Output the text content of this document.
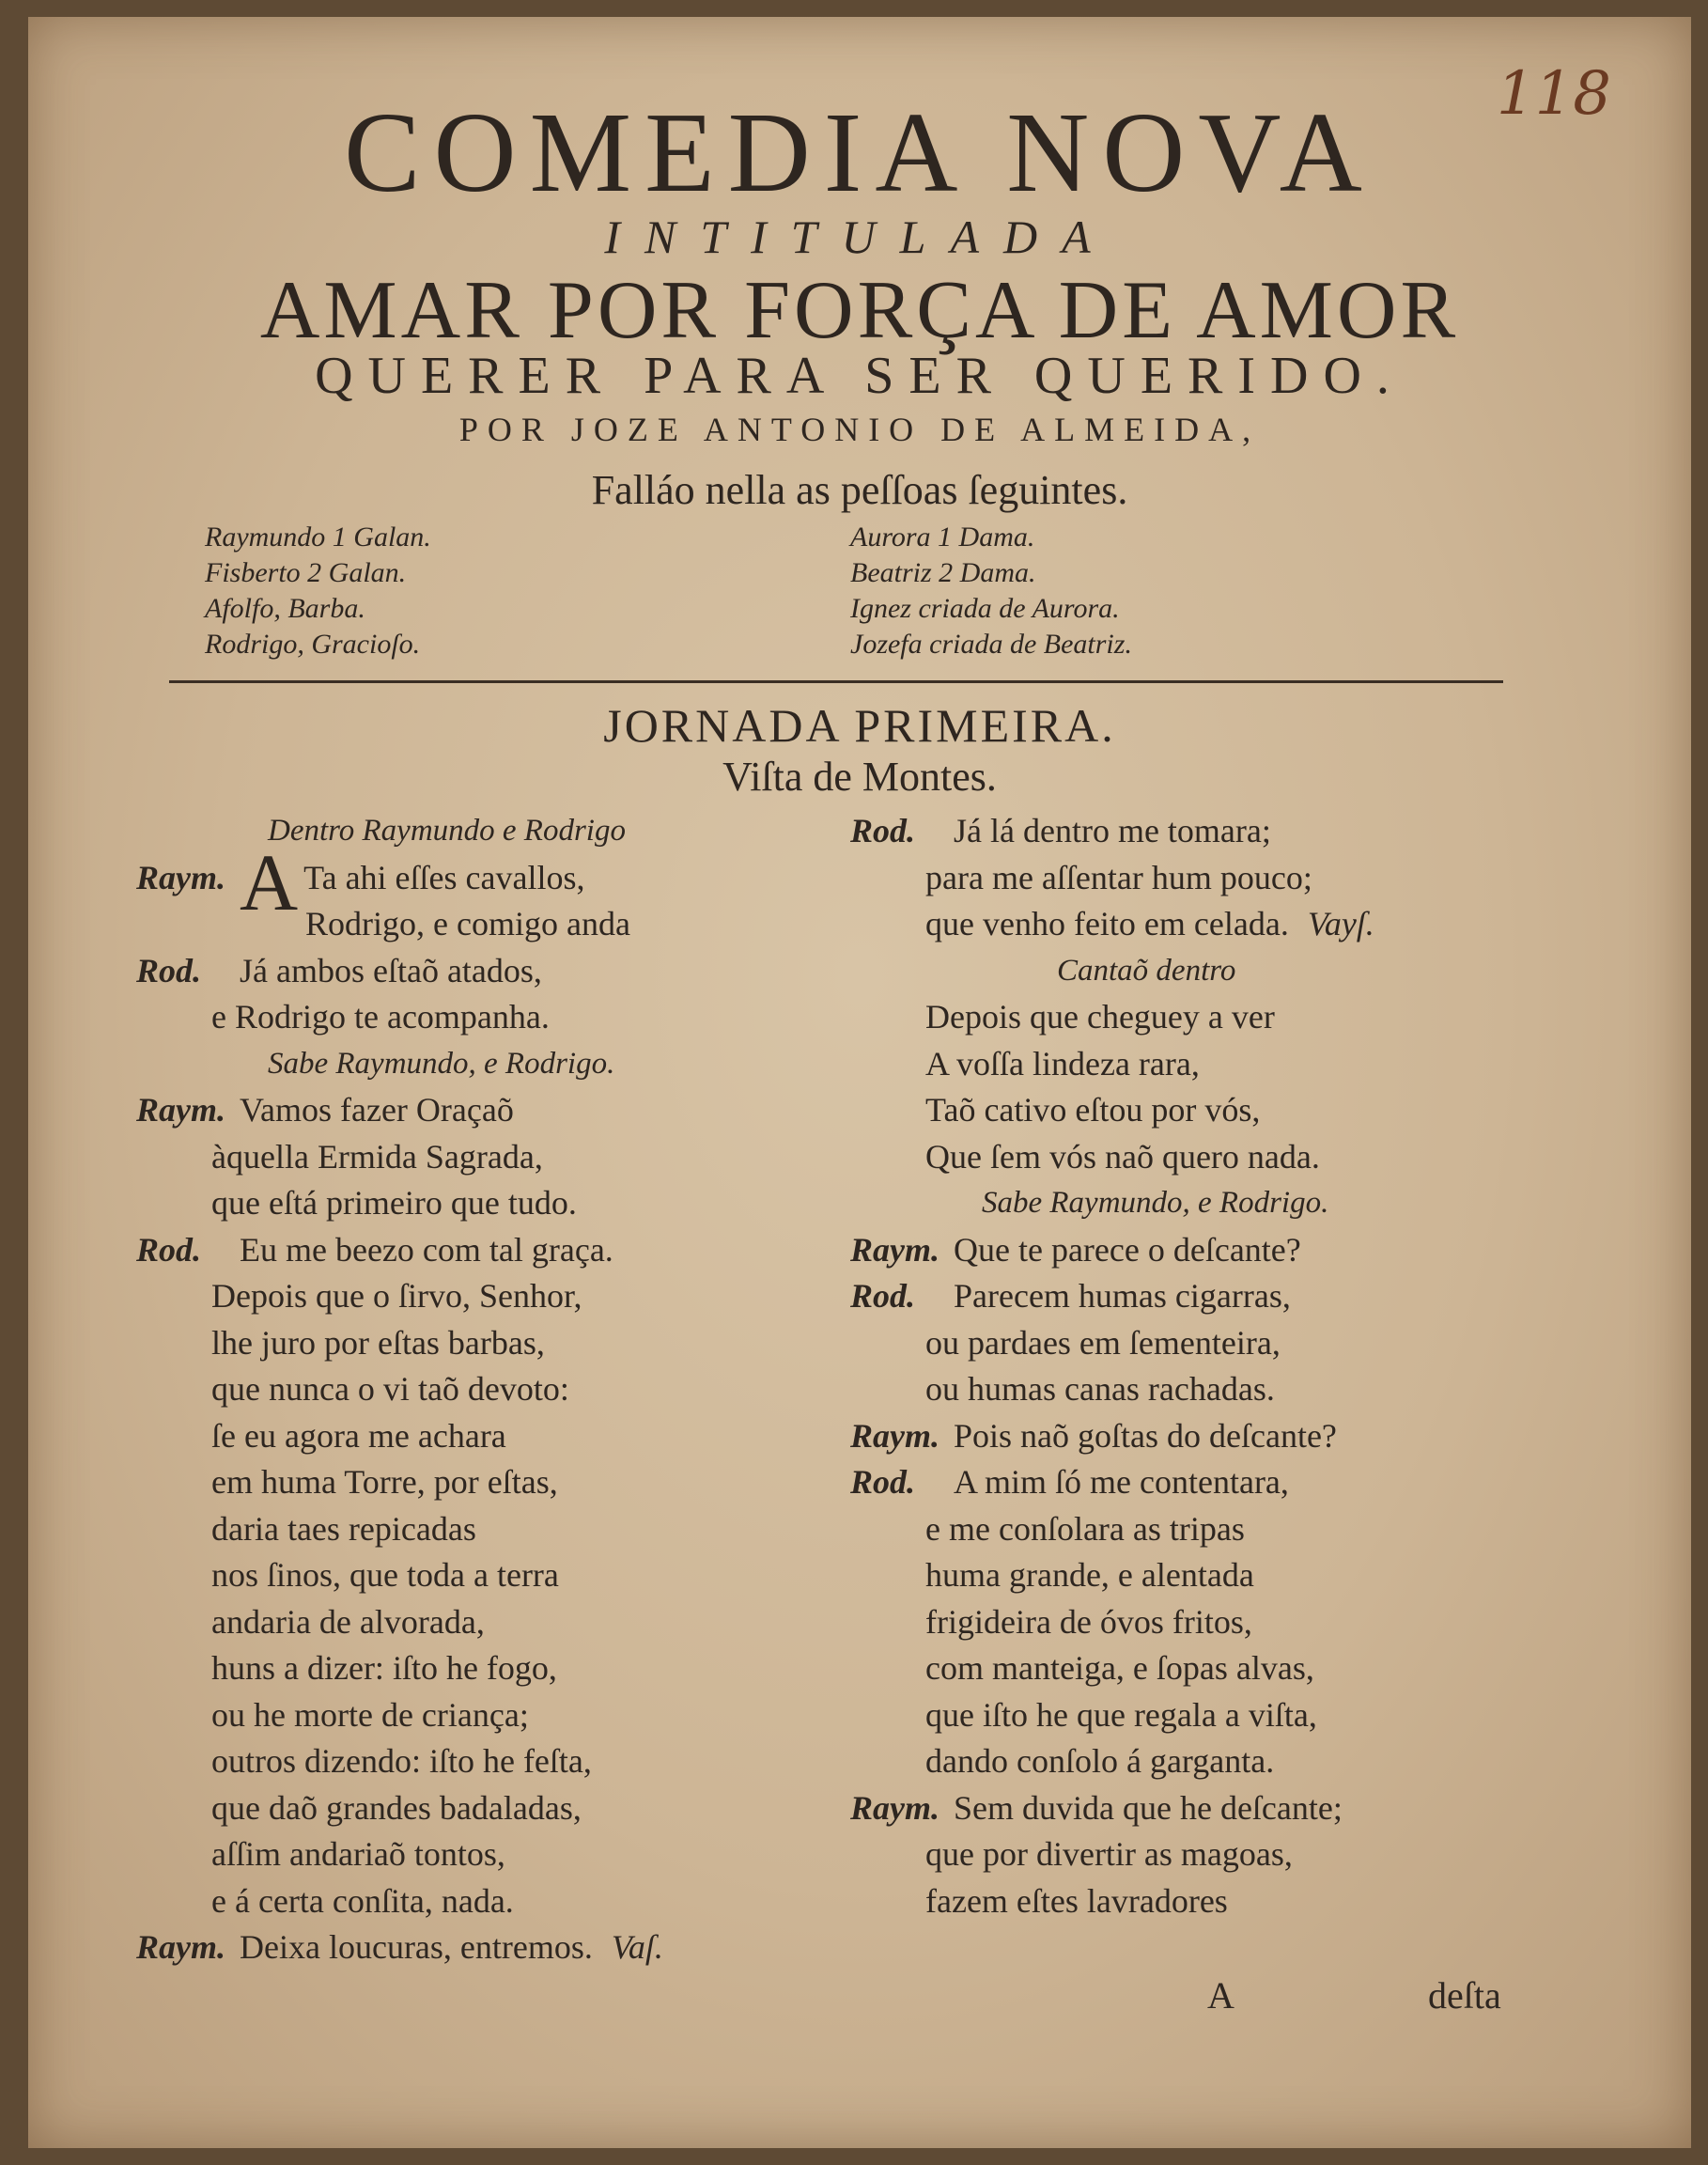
118
COMEDIA NOVA
INTITULADA
AMAR POR FORÇA DE AMOR
QUERER PARA SER QUERIDO.
POR JOZE ANTONIO DE ALMEIDA,
Falláo nella as peſſoas ſeguintes.
Raymundo 1 Galan.
Fisberto 2 Galan.
Afolfo, Barba.
Rodrigo, Gracioſo.
Aurora 1 Dama.
Beatriz 2 Dama.
Ignez criada de Aurora.
Jozefa criada de Beatriz.
JORNADA PRIMEIRA.
Viſta de Montes.
Dentro Raymundo e Rodrigo
Raym. A Ta ahi eſſes cavallos,
Rodrigo, e comigo anda
Rod. Já ambos eſtaõ atados,
e Rodrigo te acompanha.
Sabe Raymundo, e Rodrigo.
Raym. Vamos fazer Oraçaõ
àquella Ermida Sagrada,
que eſtá primeiro que tudo.
Rod. Eu me beezo com tal graça.
Depois que o ſirvo, Senhor,
lhe juro por eſtas barbas,
que nunca o vi taõ devoto:
ſe eu agora me achara
em huma Torre, por eſtas,
daria taes repicadas
nos ſinos, que toda a terra
andaria de alvorada,
huns a dizer: iſto he fogo,
ou he morte de criança;
outros dizendo: iſto he feſta,
que daõ grandes badaladas,
aſſim andariaõ tontos,
e á certa conſita, nada.
Raym. Deixa loucuras, entremos. Vaſ.
Rod. Já lá dentro me tomara;
para me aſſentar hum pouco;
que venho feito em celada. Vayſ.
Cantaõ dentro
Depois que cheguey a ver
A voſſa lindeza rara,
Taõ cativo eſtou por vós,
Que ſem vós naõ quero nada.
Sabe Raymundo, e Rodrigo.
Raym. Que te parece o deſcante?
Rod. Parecem humas cigarras,
ou pardaes em ſementeira,
ou humas canas rachadas.
Raym. Pois naõ goſtas do deſcante?
Rod. A mim ſó me contentara,
e me conſolara as tripas
huma grande, e alentada
frigideira de óvos fritos,
com manteiga, e ſopas alvas,
que iſto he que regala a viſta,
dando conſolo á garganta.
Raym. Sem duvida que he deſcante;
que por divertir as magoas,
fazem eſtes lavradores
A	deſta
